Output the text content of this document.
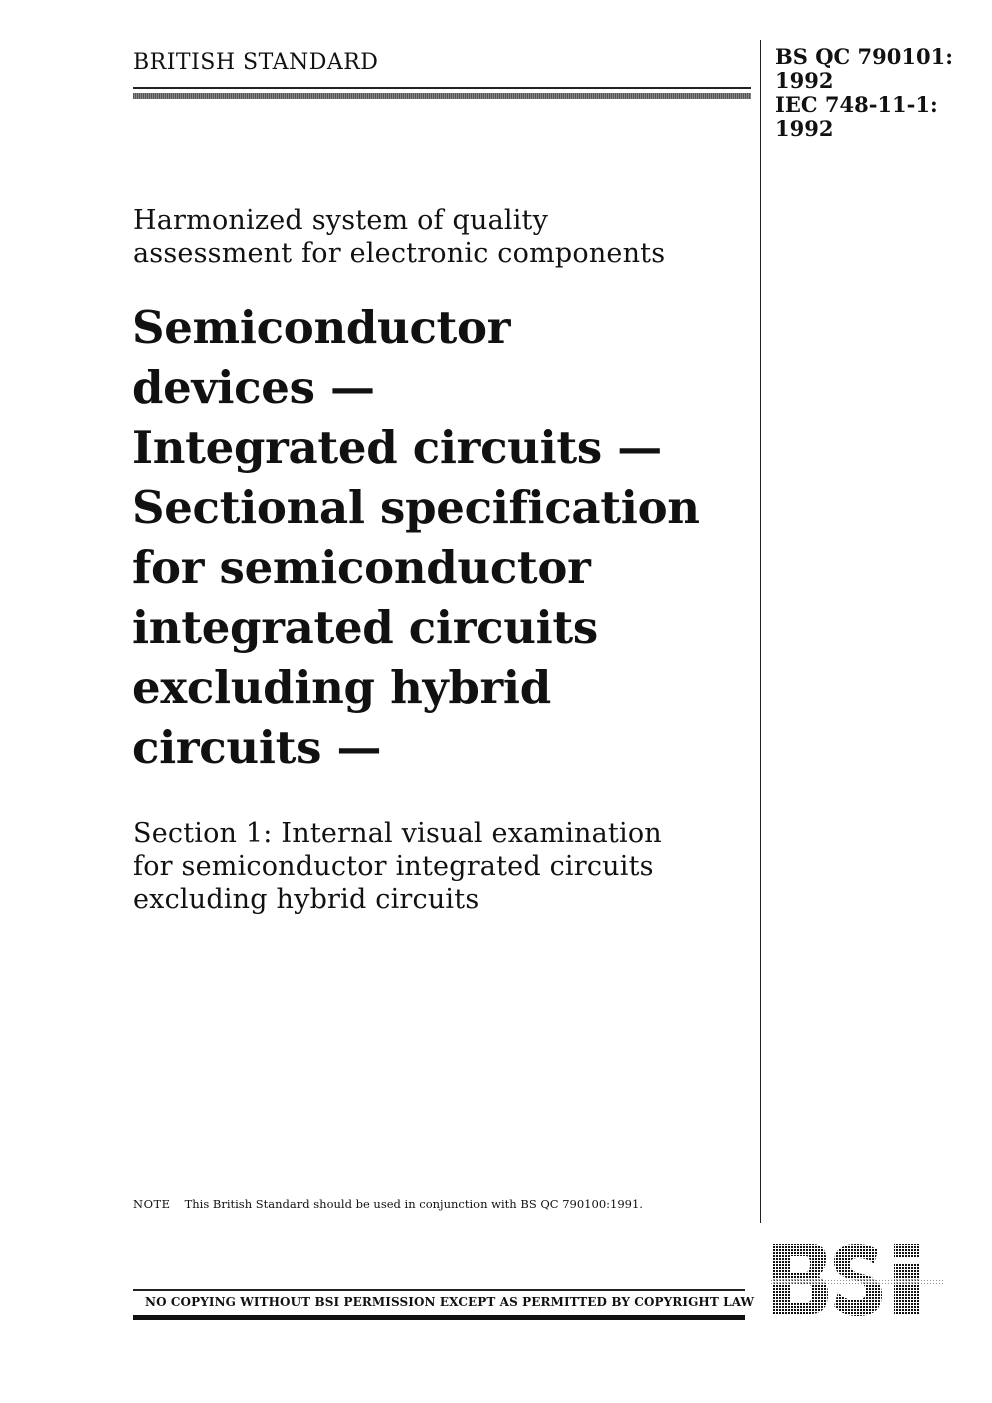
BRITISH STANDARD	BS QC 790101:
1992
IEC 748-11-1:
1992
Harmonized system of quality
assessment for electronic components
Semiconductor
devices —
Integrated circuits —
Sectional specification
for semiconductor
integrated circuits
excluding hybrid
circuits —
Section 1: Internal visual examination
for semiconductor integrated circuits
excluding hybrid circuits
NOTE This British Standard should be used in conjunction with BS QC 790100:1991.
NO COPYING WITHOUT BSI PERMISSION EXCEPT AS PERMITTED BY COPYRIGHT LAW
